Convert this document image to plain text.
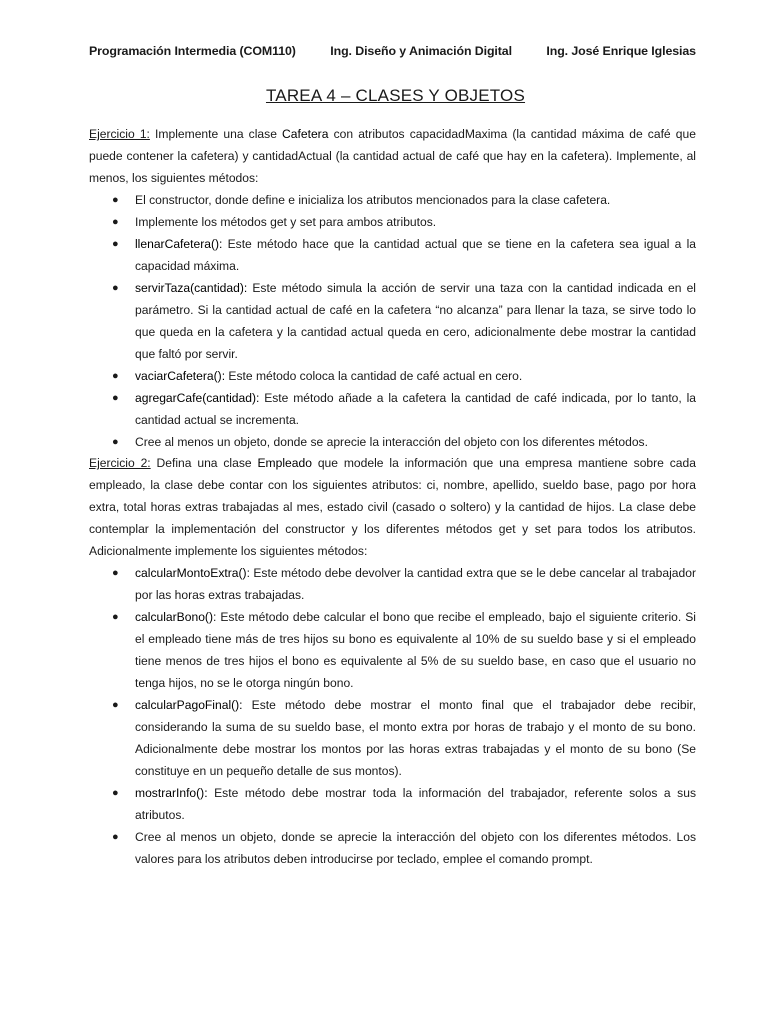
Programación Intermedia (COM110)	Ing. Diseño y Animación Digital	Ing. José Enrique Iglesias
TAREA 4 – CLASES Y OBJETOS

Ejercicio 1: Implemente una clase Cafetera con atributos capacidadMaxima (la cantidad máxima de café que puede contener la cafetera) y cantidadActual (la cantidad actual de café que hay en la cafetera). Implemente, al menos, los siguientes métodos:

● El constructor, donde define e inicializa los atributos mencionados para la clase cafetera.
● Implemente los métodos get y set para ambos atributos.
● llenarCafetera(): Este método hace que la cantidad actual que se tiene en la cafetera sea igual a la capacidad máxima.
● servirTaza(cantidad): Este método simula la acción de servir una taza con la cantidad indicada en el parámetro. Si la cantidad actual de café en la cafetera “no alcanza” para llenar la taza, se sirve todo lo que queda en la cafetera y la cantidad actual queda en cero, adicionalmente debe mostrar la cantidad que faltó por servir.
● vaciarCafetera(): Este método coloca la cantidad de café actual en cero.
● agregarCafe(cantidad): Este método añade a la cafetera la cantidad de café indicada, por lo tanto, la cantidad actual se incrementa.
● Cree al menos un objeto, donde se aprecie la interacción del objeto con los diferentes métodos.

Ejercicio 2: Defina una clase Empleado que modele la información que una empresa mantiene sobre cada empleado, la clase debe contar con los siguientes atributos: ci, nombre, apellido, sueldo base, pago por hora extra, total horas extras trabajadas al mes, estado civil (casado o soltero) y la cantidad de hijos. La clase debe contemplar la implementación del constructor y los diferentes métodos get y set para todos los atributos. Adicionalmente implemente los siguientes métodos:

● calcularMontoExtra(): Este método debe devolver la cantidad extra que se le debe cancelar al trabajador por las horas extras trabajadas.
● calcularBono(): Este método debe calcular el bono que recibe el empleado, bajo el siguiente criterio. Si el empleado tiene más de tres hijos su bono es equivalente al 10% de su sueldo base y si el empleado tiene menos de tres hijos el bono es equivalente al 5% de su sueldo base, en caso que el usuario no tenga hijos, no se le otorga ningún bono.
● calcularPagoFinal(): Este método debe mostrar el monto final que el trabajador debe recibir, considerando la suma de su sueldo base, el monto extra por horas de trabajo y el monto de su bono. Adicionalmente debe mostrar los montos por las horas extras trabajadas y el monto de su bono (Se constituye en un pequeño detalle de sus montos).
● mostrarInfo(): Este método debe mostrar toda la información del trabajador, referente solos a sus atributos.
● Cree al menos un objeto, donde se aprecie la interacción del objeto con los diferentes métodos. Los valores para los atributos deben introducirse por teclado, emplee el comando prompt.
